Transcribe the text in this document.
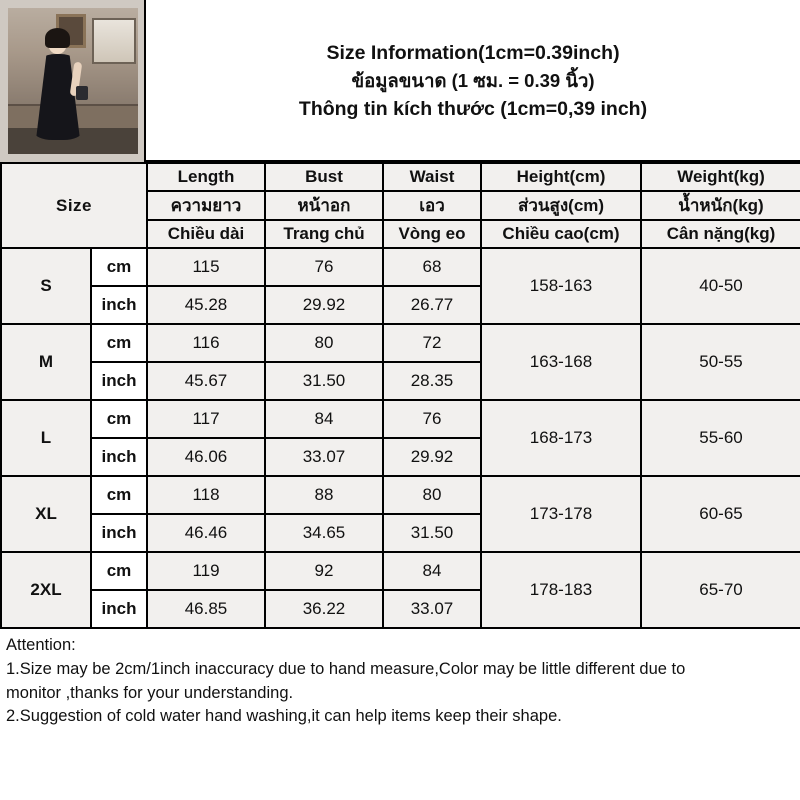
Size Information(1cm=0.39inch)
ข้อมูลขนาด (1 ซม. = 0.39 นิ้ว)
Thông tin kích thước (1cm=0,39 inch)
Size		Length	Bust	Waist	Height(cm)	Weight(kg)
		ความยาว	หน้าอก	เอว	ส่วนสูง(cm)	น้ำหนัก(kg)
		Chiều dài	Trang chủ	Vòng eo	Chiều cao(cm)	Cân nặng(kg)
S	cm	115	76	68	158-163	40-50
	inch	45.28	29.92	26.77		
M	cm	116	80	72	163-168	50-55
	inch	45.67	31.50	28.35		
L	cm	117	84	76	168-173	55-60
	inch	46.06	33.07	29.92		
XL	cm	118	88	80	173-178	60-65
	inch	46.46	34.65	31.50		
2XL	cm	119	92	84	178-183	65-70
	inch	46.85	36.22	33.07		
Attention:
1.Size may be 2cm/1inch inaccuracy due to hand measure,Color may be little different due to
monitor ,thanks for your understanding.
2.Suggestion of cold water hand washing,it can help items keep their shape.
